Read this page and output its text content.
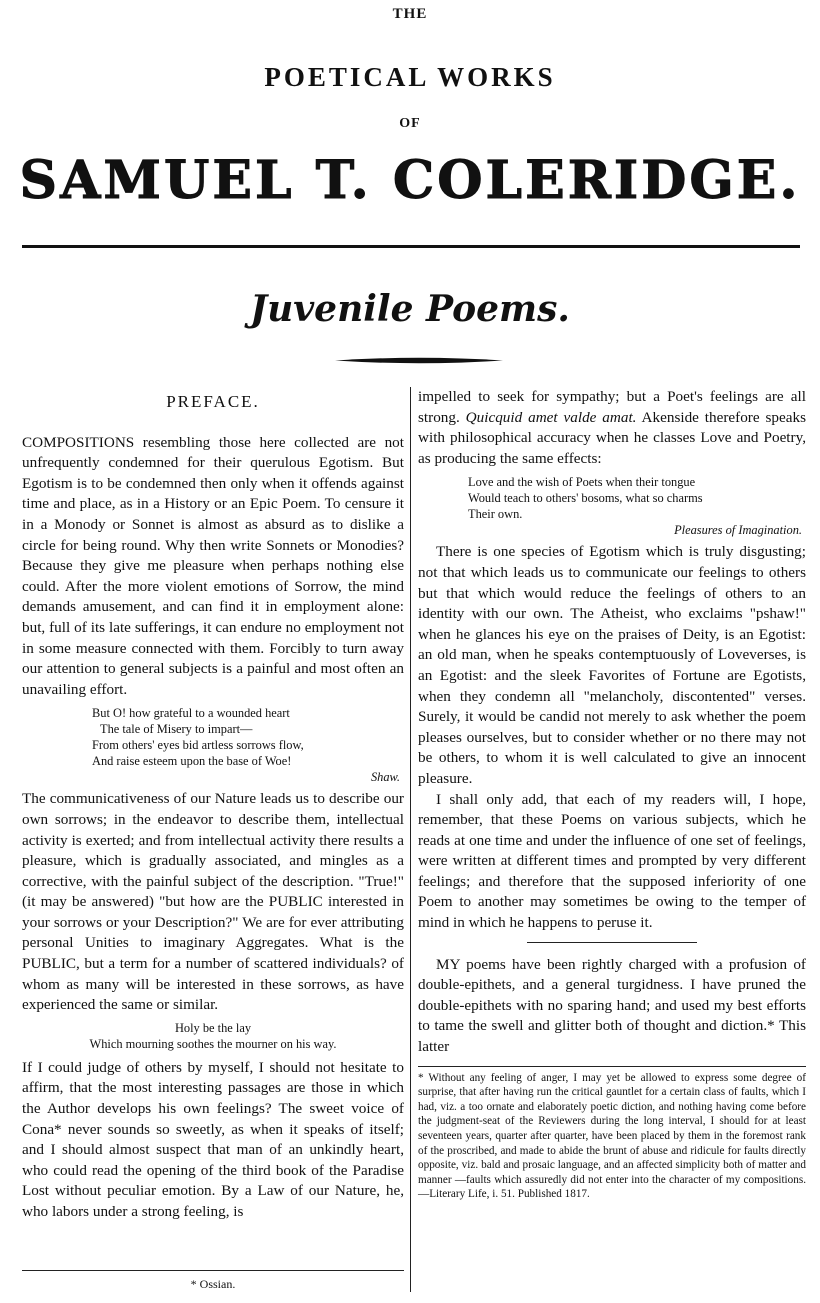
THE
POETICAL WORKS
OF
SAMUEL T. COLERIDGE.
Juvenile Poems.
PREFACE.

COMPOSITIONS resembling those here collected are not unfrequently condemned for their querulous Egotism. But Egotism is to be condemned then only when it offends against time and place, as in a History or an Epic Poem. To censure it in a Monody or Sonnet is almost as absurd as to dislike a circle for being round. Why then write Sonnets or Monodies? Because they give me pleasure when perhaps nothing else could. After the more violent emotions of Sorrow, the mind demands amusement, and can find it in employment alone: but, full of its late sufferings, it can endure no employment not in some measure connected with them. Forcibly to turn away our attention to general subjects is a painful and most often an unavailing effort.

But O! how grateful to a wounded heart
The tale of Misery to impart—
From others' eyes bid artless sorrows flow,
And raise esteem upon the base of Woe!
Shaw.

The communicativeness of our Nature leads us to describe our own sorrows; in the endeavor to describe them, intellectual activity is exerted; and from intellectual activity there results a pleasure, which is gradually associated, and mingles as a corrective, with the painful subject of the description. "True!" (it may be answered) "but how are the PUBLIC interested in your sorrows or your Description?" We are for ever attributing personal Unities to imaginary Aggregates. What is the PUBLIC, but a term for a number of scattered individuals? of whom as many will be interested in these sorrows, as have experienced the same or similar.

Holy be the lay
Which mourning soothes the mourner on his way.

If I could judge of others by myself, I should not hesitate to affirm, that the most interesting passages are those in which the Author develops his own feelings? The sweet voice of Cona* never sounds so sweetly, as when it speaks of itself; and I should almost suspect that man of an unkindly heart, who could read the opening of the third book of the Paradise Lost without peculiar emotion. By a Law of our Nature, he, who labors under a strong feeling, is

* Ossian.

impelled to seek for sympathy; but a Poet's feelings are all strong. Quicquid amet valde amat. Akenside therefore speaks with philosophical accuracy when he classes Love and Poetry, as producing the same effects:

Love and the wish of Poets when their tongue
Would teach to others' bosoms, what so charms
Their own.
Pleasures of Imagination.

There is one species of Egotism which is truly disgusting; not that which leads us to communicate our feelings to others but that which would reduce the feelings of others to an identity with our own. The Atheist, who exclaims "pshaw!" when he glances his eye on the praises of Deity, is an Egotist: an old man, when he speaks contemptuously of Loveverses, is an Egotist: and the sleek Favorites of Fortune are Egotists, when they condemn all "melancholy, discontented" verses. Surely, it would be candid not merely to ask whether the poem pleases ourselves, but to consider whether or no there may not be others, to whom it is well calculated to give an innocent pleasure.

I shall only add, that each of my readers will, I hope, remember, that these Poems on various subjects, which he reads at one time and under the influence of one set of feelings, were written at different times and prompted by very different feelings; and therefore that the supposed inferiority of one Poem to another may sometimes be owing to the temper of mind in which he happens to peruse it.

MY poems have been rightly charged with a profusion of double-epithets, and a general turgidness. I have pruned the double-epithets with no sparing hand; and used my best efforts to tame the swell and glitter both of thought and diction.* This latter

* Without any feeling of anger, I may yet be allowed to express some degree of surprise, that after having run the critical gauntlet for a certain class of faults, which I had, viz. a too ornate and elaborately poetic diction, and nothing having come before the judgment-seat of the Reviewers during the long interval, I should for at least seventeen years, quarter after quarter, have been placed by them in the foremost rank of the proscribed, and made to abide the brunt of abuse and ridicule for faults directly opposite, viz. bald and prosaic language, and an affected simplicity both of matter and manner —faults which assuredly did not enter into the character of my compositions.—Literary Life, i. 51. Published 1817.
